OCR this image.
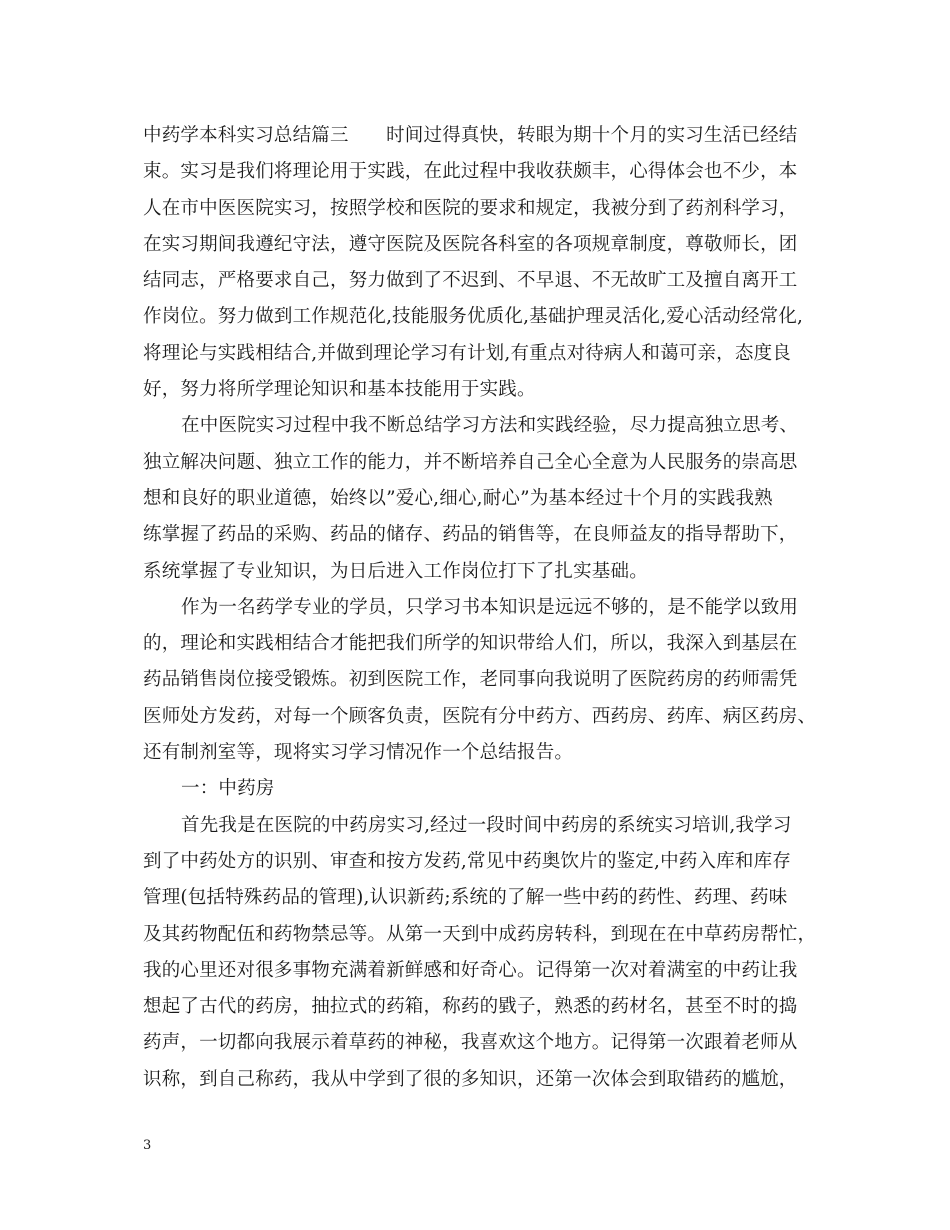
中药学本科实习总结篇三　　时间过得真快，转眼为期十个月的实习生活已经结
束。实习是我们将理论用于实践，在此过程中我收获颇丰，心得体会也不少，本
人在市中医医院实习，按照学校和医院的要求和规定，我被分到了药剂科学习，
在实习期间我遵纪守法，遵守医院及医院各科室的各项规章制度，尊敬师长，团
结同志，严格要求自己，努力做到了不迟到、不早退、不无故旷工及擅自离开工
作岗位。努力做到工作规范化,技能服务优质化,基础护理灵活化,爱心活动经常化,
将理论与实践相结合,并做到理论学习有计划,有重点对待病人和蔼可亲，态度良
好，努力将所学理论知识和基本技能用于实践。
在中医院实习过程中我不断总结学习方法和实践经验，尽力提高独立思考、
独立解决问题、独立工作的能力，并不断培养自己全心全意为人民服务的崇高思
想和良好的职业道德，始终以”爱心,细心,耐心”为基本经过十个月的实践我熟
练掌握了药品的采购、药品的储存、药品的销售等，在良师益友的指导帮助下，
系统掌握了专业知识，为日后进入工作岗位打下了扎实基础。
作为一名药学专业的学员，只学习书本知识是远远不够的，是不能学以致用
的，理论和实践相结合才能把我们所学的知识带给人们，所以，我深入到基层在
药品销售岗位接受锻炼。初到医院工作，老同事向我说明了医院药房的药师需凭
医师处方发药，对每一个顾客负责，医院有分中药方、西药房、药库、病区药房、
还有制剂室等，现将实习学习情况作一个总结报告。
一：中药房
首先我是在医院的中药房实习,经过一段时间中药房的系统实习培训,我学习
到了中药处方的识别、审查和按方发药,常见中药奥饮片的鉴定,中药入库和库存
管理(包括特殊药品的管理),认识新药;系统的了解一些中药的药性、药理、药味
及其药物配伍和药物禁忌等。从第一天到中成药房转科，到现在在中草药房帮忙，
我的心里还对很多事物充满着新鲜感和好奇心。记得第一次对着满室的中药让我
想起了古代的药房，抽拉式的药箱，称药的戥子，熟悉的药材名，甚至不时的捣
药声，一切都向我展示着草药的神秘，我喜欢这个地方。记得第一次跟着老师从
识称，到自己称药，我从中学到了很的多知识，还第一次体会到取错药的尴尬，
3
